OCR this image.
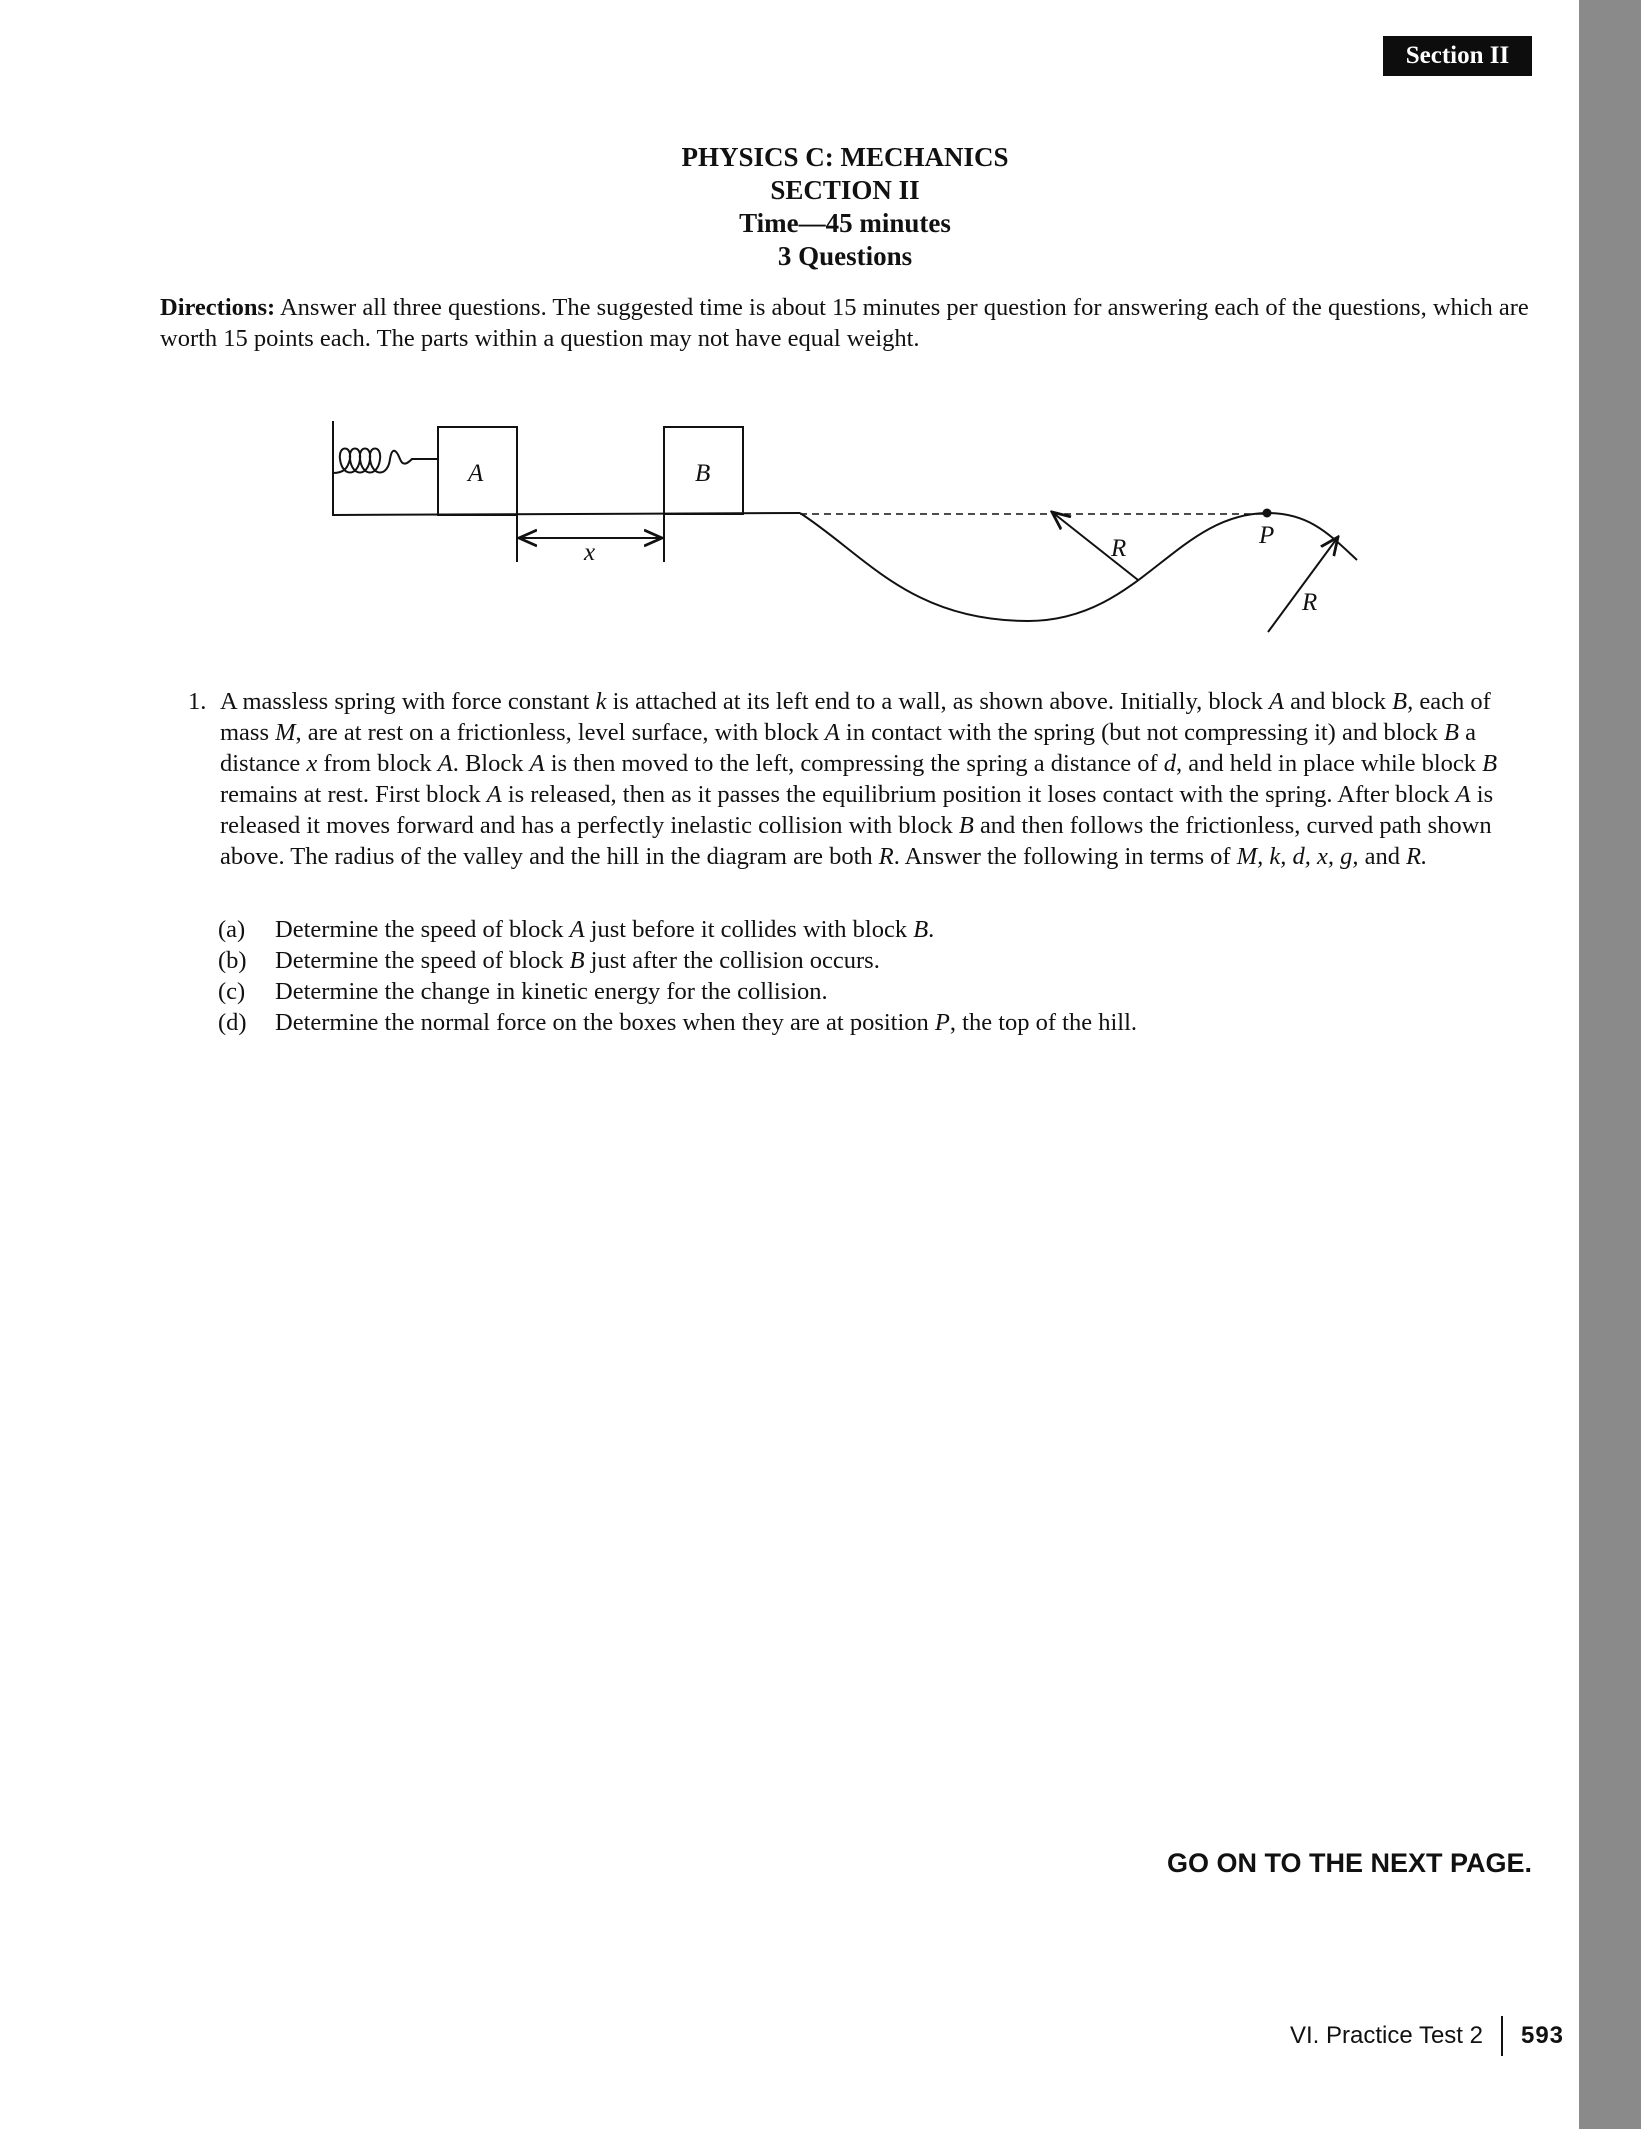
Section II
PHYSICS C: MECHANICS
SECTION II
Time—45 minutes
3 Questions
Directions: Answer all three questions. The suggested time is about 15 minutes per question for answering each of the questions, which are worth 15 points each. The parts within a question may not have equal weight.
A	B
x	R	P
R
1. A massless spring with force constant k is attached at its left end to a wall, as shown above. Initially, block A and block B, each of mass M, are at rest on a frictionless, level surface, with block A in contact with the spring (but not compressing it) and block B a distance x from block A. Block A is then moved to the left, compressing the spring a distance of d, and held in place while block B remains at rest. First block A is released, then as it passes the equilibrium position it loses contact with the spring. After block A is released it moves forward and has a perfectly inelastic collision with block B and then follows the frictionless, curved path shown above. The radius of the valley and the hill in the diagram are both R. Answer the following in terms of M, k, d, x, g, and R.
(a)	Determine the speed of block A just before it collides with block B.
(b)	Determine the speed of block B just after the collision occurs.
(c)	Determine the change in kinetic energy for the collision.
(d)	Determine the normal force on the boxes when they are at position P, the top of the hill.
GO ON TO THE NEXT PAGE.
VI. Practice Test 2 593
